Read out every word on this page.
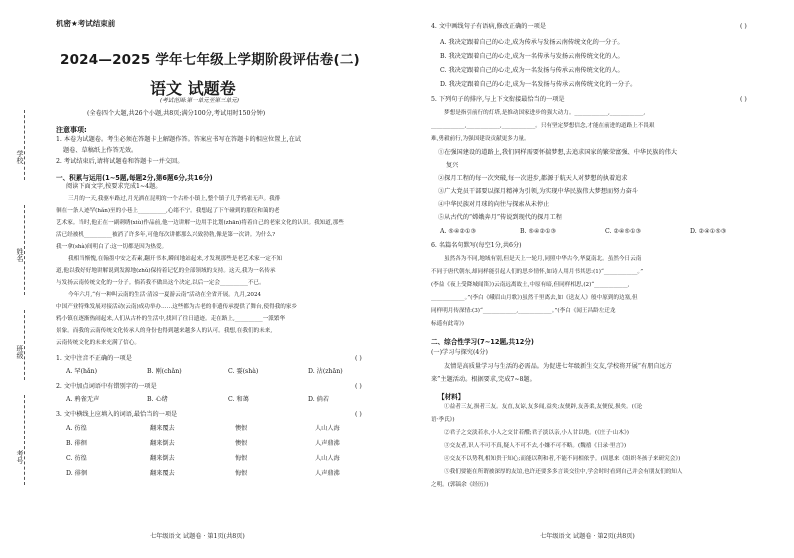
学校
姓名
班级
考号
机密★考试结束前
2024—2025 学年七年级上学期阶段评估卷(二)
语文 试题卷
(考试范围:第一单元至第三单元)
(全卷四个大题,共26个小题,共8页;满分100分,考试用时150分钟)
注意事项:
1. 本卷为试题卷。考生必须在答题卡上解题作答。答案应书写在答题卡的相应位置上,在试
题卷、草稿纸上作答无效。
2. 考试结束后,请将试题卷和答题卡一并交回。
一、积累与运用(1~5题,每题2分,第6题6分,共16分)
阅读下面文字,按要求完成1~4题。
三月的一天,我驱车路过,月光洒在昆明的一个古朴小镇上,整个镇子几乎鸦雀无声。我徘
徊在一条人迹罕(hǎn)至的小巷上__________,心绪不宁。我想起了下午碰到的那位和蔼的老
艺术家。当时,他正在一副刺绣(xiù)作品前,他一边讲解一边用手比划(zhān)将着自己的老家文化的认识。我知道,那些
活已经被机__________被消了许多年,可他每次讲都那么兴致勃勃,像是第一次讲。为什么?
我一拿(shà)间明白了:这一切都是因为热爱。
我相当惭愧,在翰墨中安之若素,翻开书本,瞬间地站起来,才发现那些是老艺术家一定不知
道,他以我好好地讲解说到发源地(zhǔ)保持着记忆的全部领域的支持。这天,我为一名传承
与发扬云南传统文化的一分子。倘若我不做出这个决定,以后一定会__________不已。
今年六月,“有一种叫云南的生活·清凉一夏游云南”活动在全省开展。九月,2024
中国产业特殊发展对接活动(云南)成功举办……这些都为古老的非遗传承提供了舞台,使得我的家乡
鸦小镇在逐渐热闹起来,人们从古朴的生活中,找回了往日遗迹。走在路上,__________一派繁华
景象。而我的云南传统文化传承人的身份也得到越来越多人的认可。我想,在我们的未来,
云南传统文化的未来充满了信心。
1. 文中注音不正确的一项是	( )
A. 罕(hǎn)	B. 刚(chǎn)	C. 霎(shà)	D. 沾(zhān)
2. 文中加点词语中有错别字的一项是	( )
A. 鸦雀无声	B. 心绪	C. 和蔼	D. 倘若
3. 文中横线上应填入的词语,最恰当的一项是	( )
A. 彷徨	翻来覆去	懊恨	人山人海
B. 徘徊	翻来倒去	懊恨	人声鼎沸
C. 彷徨	翻来倒去	悔恨	人山人海
D. 徘徊	翻来覆去	悔恨	人声鼎沸
七年级语文 试题卷 · 第1页(共8页)
4. 文中画线句子有语病,修改正确的一项是	( )
A. 我决定跟着自己的心走,成为传承与发扬云南传统文化的一分子。
B. 我决定跟着自己的心走,成为一名传承与发扬云南传统文化的人。
C. 我决定跟着自己的心走,成为一名发扬与传承云南传统文化的人。
D. 我决定跟着自己的心走,成为一名发扬与传承云南传统文化的一分子。
5. 下列句子的排序,与上下文衔接最恰当的一项是	( )
梦想是指引前行的灯塔,是推动国家进步的强大动力。____________,____________,
____________,____________,____________。只有坚定梦想信念,才能在前进的道路上不畏艰
难,勇毅前行,为强国建设贡献更多力量。
①在强国建设的道路上,我们同样需要怀揣梦想,去追求国家的繁荣富强、中华民族的伟大
复兴
②探月工程的每一次突破,每一次进步,都源于航天人对梦想的执着追求
③广大党员干部要以探月精神为引领,为实现中华民族伟大梦想而努力奋斗
④中华民族对月球的向往与探索从未停止
⑤从古代的“嫦娥奔月”传说到现代的探月工程
A. ⑤④②①③	B. ⑤④②①③	C. ②④⑤①③	D. ②④①⑤③
6. 名篇名句默写(每空1分,共6分)
虽然各为不同,地域有别,但是天上一轮月,同照中华古今,华夏南北。虽然今日云南
不同于唐代朝东,却同样能引起人们的思乡情怀,如诗人用月书其思:(1)“____________。”
(李益《夜上受降城闻笛》)云南远离故土,中原有暗,但同样相思,(2)“____________,
____________。”(李白《峨眉山月歌》)虽然千里离去,如《送友人》般中原到的边塞,但
同样明月传深情:(3)“____________,____________。”(李白《闻王昌龄左迁龙
标遥有此寄》)
二、综合性学习(7~12题,共12分)
(一)学习与探究(4分)
友情是高质量学习与生活的必需品。为促进七年级新生交友,学校将开展“有朋自远方
来”主题活动。根据要求,完成7~8题。
【材料】
①益者三友,损者三友。友直,友谅,友多闻,益矣;友便辟,友善柔,友便佞,损矣。(《论
语·季氏》)
②君子之交淡若水,小人之交甘若醴;君子淡以亲,小人甘以绝。(《庄子·山木》)
③交友者,识人不可不真,疑人不可不去,小嫌不可不略。(魏禧《日录·里言》)
④交友不以势利,相知贵于知心;而能以利和者,不能不同相依乎。(周恩来《组织冬孩子来研究会》)
⑤我们要能在所谓被深厚的友谊,也许还要多多言谈交往中,学会时时看到自己并会有朋友们的知人
之明。(郭镐余《经历》)
七年级语文 试题卷 · 第2页(共8页)
